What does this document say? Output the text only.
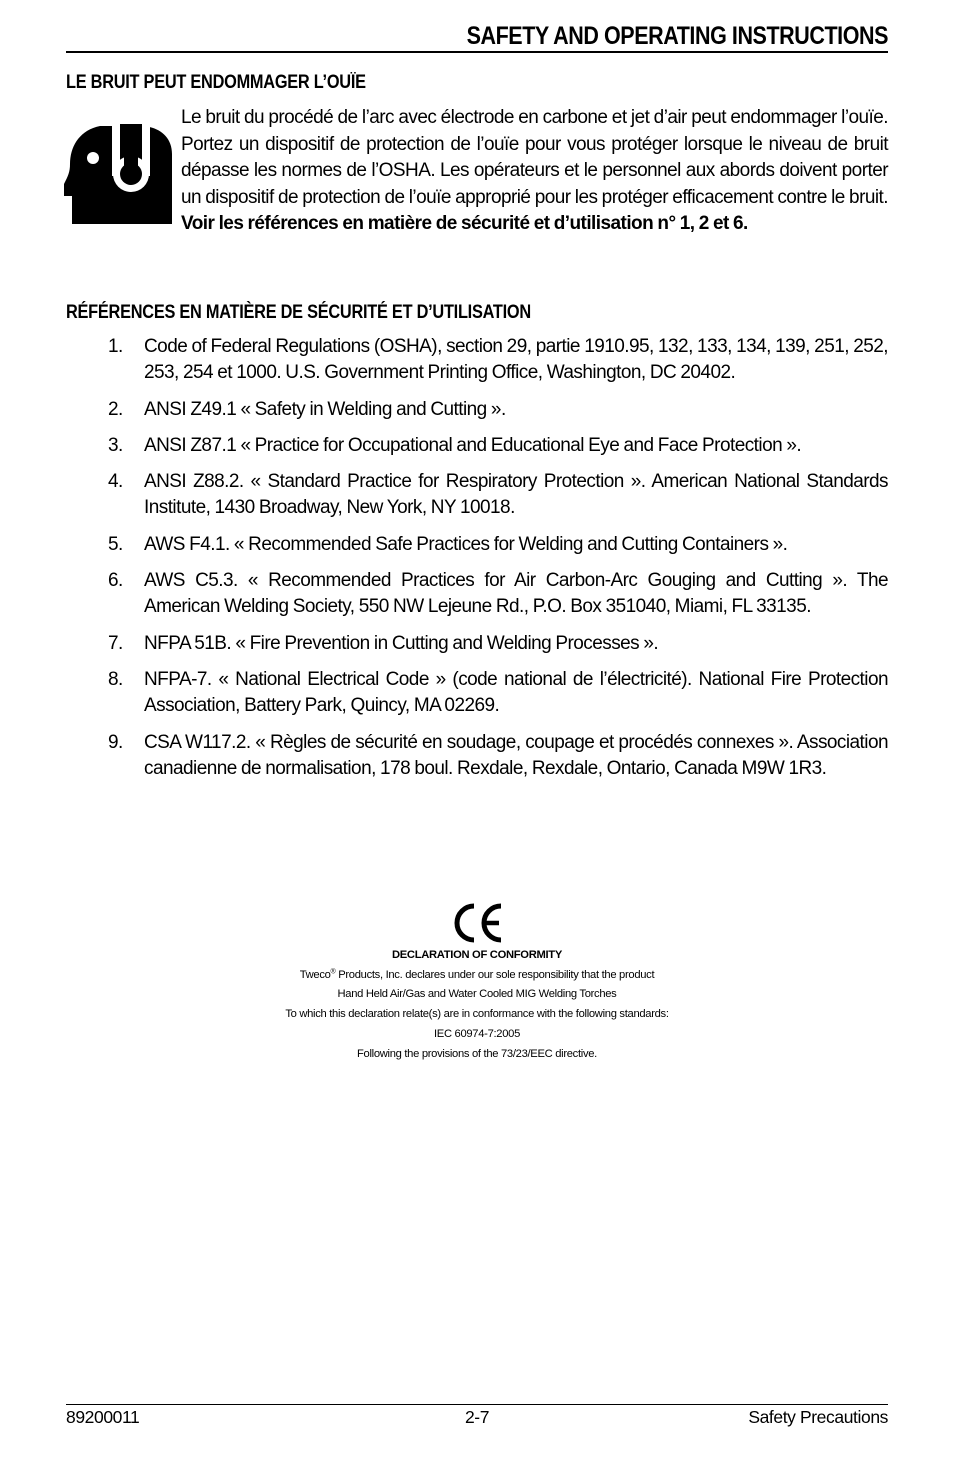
SAFETY AND OPERATING INSTRUCTIONS
LE BRUIT PEUT ENDOMMAGER L’OUÏE
Le bruit du procédé de l’arc avec électrode en carbone et jet d’air peut endommager l’ouïe. Portez un dispositif de protection de l’ouïe pour vous protéger lorsque le niveau de bruit dépasse les normes de l’OSHA. Les opérateurs et le personnel aux abords doivent porter un dispositif de protection de l’ouïe approprié pour les protéger efficacement contre le bruit. Voir les références en matière de sécurité et d’utilisation n° 1, 2 et 6.
RÉFÉRENCES EN MATIÈRE DE SÉCURITÉ ET D’UTILISATION
1. Code of Federal Regulations (OSHA), section 29, partie 1910.95, 132, 133, 134, 139, 251, 252, 253, 254 et 1000. U.S. Government Printing Office, Washington, DC 20402.
2. ANSI Z49.1 « Safety in Welding and Cutting ».
3. ANSI Z87.1 « Practice for Occupational and Educational Eye and Face Protection ».
4. ANSI Z88.2. « Standard Practice for Respiratory Protection ». American National Standards Institute, 1430 Broadway, New York, NY 10018.
5. AWS F4.1. « Recommended Safe Practices for Welding and Cutting Containers ».
6. AWS C5.3. « Recommended Practices for Air Carbon-Arc Gouging and Cutting ». The American Welding Society, 550 NW Lejeune Rd., P.O. Box 351040, Miami, FL 33135.
7. NFPA 51B. « Fire Prevention in Cutting and Welding Processes ».
8. NFPA-7. « National Electrical Code » (code national de l’électricité). National Fire Protection Association, Battery Park, Quincy, MA 02269.
9. CSA W117.2. « Règles de sécurité en soudage, coupage et procédés connexes ». Association canadienne de normalisation, 178 boul. Rexdale, Rexdale, Ontario, Canada M9W 1R3.
DECLARATION OF CONFORMITY
Tweco® Products, Inc. declares under our sole responsibility that the product
Hand Held Air/Gas and Water Cooled MIG Welding Torches
To which this declaration relate(s) are in conformance with the following standards:
IEC 60974-7:2005
Following the provisions of the 73/23/EEC directive.
89200011	2-7	Safety Precautions
